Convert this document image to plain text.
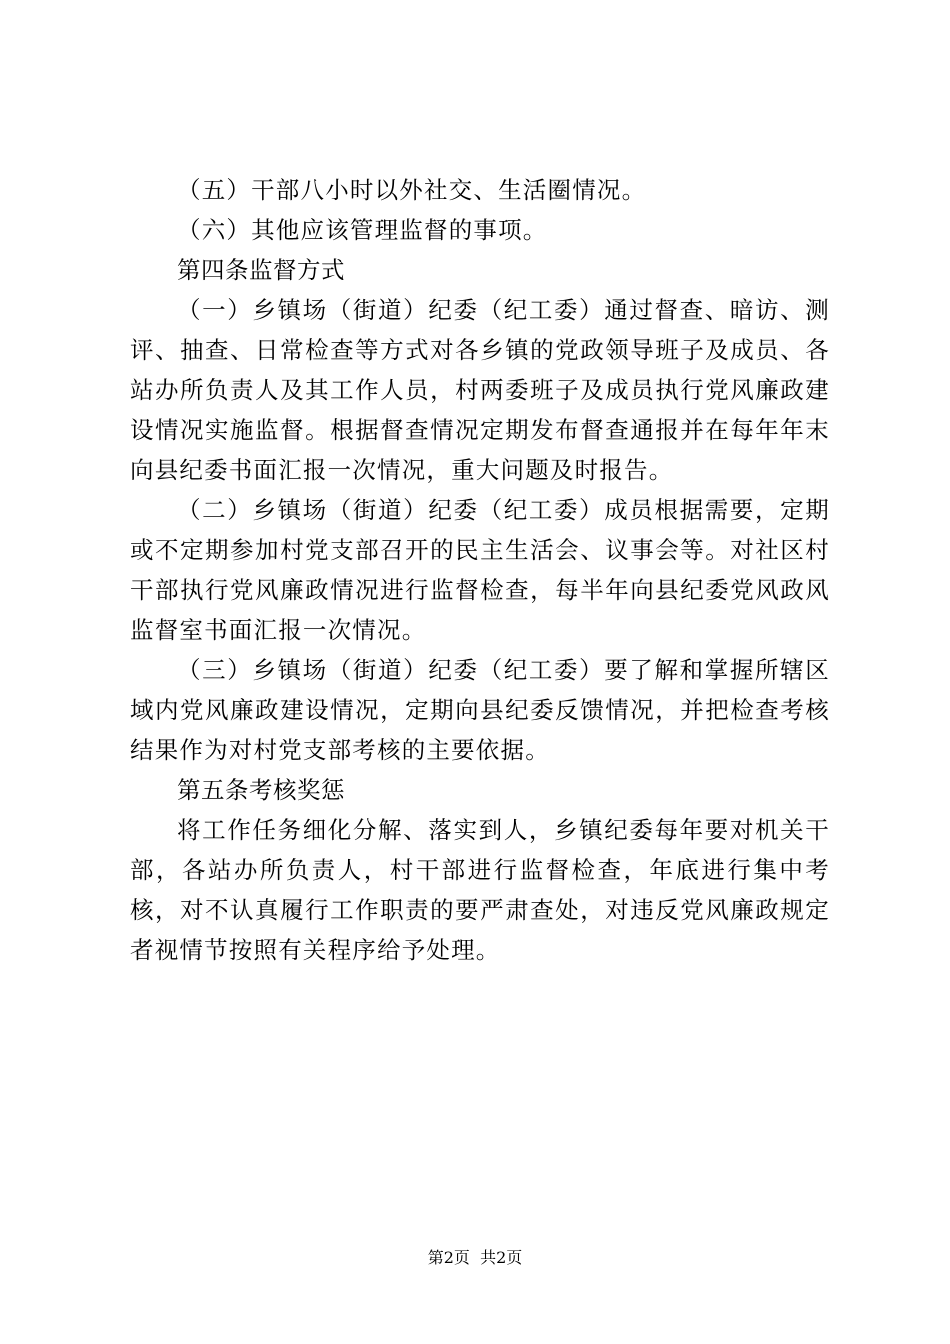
（五）干部八小时以外社交、生活圈情况。

（六）其他应该管理监督的事项。

第四条监督方式

（一）乡镇场（街道）纪委（纪工委）通过督查、暗访、测评、抽查、日常检查等方式对各乡镇的党政领导班子及成员、各站办所负责人及其工作人员，村两委班子及成员执行党风廉政建设情况实施监督。根据督查情况定期发布督查通报并在每年年末向县纪委书面汇报一次情况，重大问题及时报告。

（二）乡镇场（街道）纪委（纪工委）成员根据需要，定期或不定期参加村党支部召开的民主生活会、议事会等。对社区村干部执行党风廉政情况进行监督检查，每半年向县纪委党风政风监督室书面汇报一次情况。

（三）乡镇场（街道）纪委（纪工委）要了解和掌握所辖区域内党风廉政建设情况，定期向县纪委反馈情况，并把检查考核结果作为对村党支部考核的主要依据。

第五条考核奖惩

将工作任务细化分解、落实到人，乡镇纪委每年要对机关干部，各站办所负责人，村干部进行监督检查，年底进行集中考核，对不认真履行工作职责的要严肃查处，对违反党风廉政规定者视情节按照有关程序给予处理。

第2页  共2页
